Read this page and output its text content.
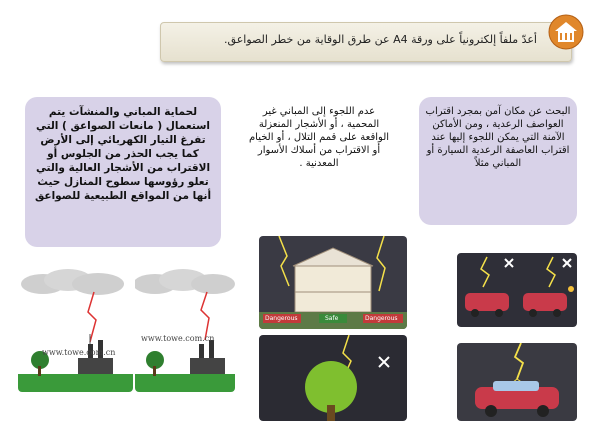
أعدّ ملفاً إلكترونياً على ورقة A4 عن طرق الوقاية من خطر الصواعق.
البحث عن مكان آمن بمجرد اقتراب العواصف الرعدية ، ومن الأماكن الآمنة التي يمكن اللجوء إليها عند اقتراب العاصفة الرعدية السيارة أو المباني مثلاً
عدم اللجوء إلى المباني غير المحمية ، أو الأشجار المنعزلة الواقعة على قمم التلال ، أو الخيام أو الاقتراب من أسلاك الأسوار المعدنية .
لحماية المباني والمنشآت يتم استعمال ( مانعات الصواعق ) التي تفرغ التيار الكهربائي إلى الأرض كما يجب الحذر من الجلوس أو الاقتراب من الأشجار العالية والتي تعلو رؤوسها سطوح المنازل حيث أنها من المواقع الطبيعية للصواعق
www.towe.com.cn
www.towe.com.cn
Dangerous	Safe	Dangerous
